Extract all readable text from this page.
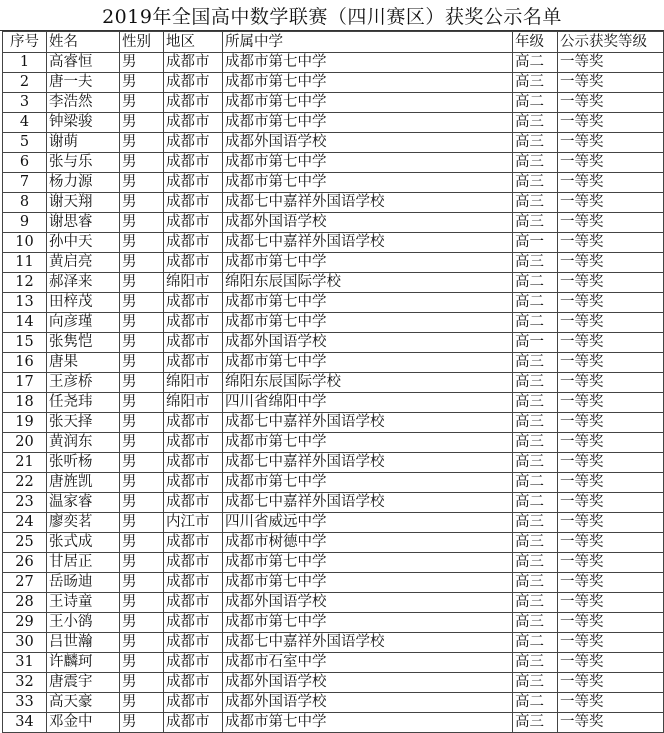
2019年全国高中数学联赛（四川赛区）获奖公示名单
序号	姓名	性别	地区	所属中学	年级	公示获奖等级
1	高睿恒	男	成都市	成都市第七中学	高二	一等奖
2	唐一夫	男	成都市	成都市第七中学	高三	一等奖
3	李浩然	男	成都市	成都市第七中学	高二	一等奖
4	钟梁骏	男	成都市	成都市第七中学	高三	一等奖
5	谢萌	男	成都市	成都外国语学校	高三	一等奖
6	张与乐	男	成都市	成都市第七中学	高三	一等奖
7	杨力源	男	成都市	成都市第七中学	高三	一等奖
8	谢天翔	男	成都市	成都七中嘉祥外国语学校	高三	一等奖
9	谢思睿	男	成都市	成都外国语学校	高三	一等奖
10	孙中天	男	成都市	成都七中嘉祥外国语学校	高一	一等奖
11	黄启亮	男	成都市	成都市第七中学	高三	一等奖
12	郝泽来	男	绵阳市	绵阳东辰国际学校	高二	一等奖
13	田梓茂	男	成都市	成都市第七中学	高二	一等奖
14	向彦瑾	男	成都市	成都市第七中学	高二	一等奖
15	张隽恺	男	成都市	成都外国语学校	高一	一等奖
16	唐果	男	成都市	成都市第七中学	高三	一等奖
17	王彦桥	男	绵阳市	绵阳东辰国际学校	高三	一等奖
18	任尧玮	男	绵阳市	四川省绵阳中学	高三	一等奖
19	张天择	男	成都市	成都七中嘉祥外国语学校	高三	一等奖
20	黄润东	男	成都市	成都市第七中学	高三	一等奖
21	张听杨	男	成都市	成都七中嘉祥外国语学校	高三	一等奖
22	唐旌凯	男	成都市	成都市第七中学	高二	一等奖
23	温家睿	男	成都市	成都七中嘉祥外国语学校	高二	一等奖
24	廖奕茗	男	内江市	四川省威远中学	高三	一等奖
25	张式成	男	成都市	成都市树德中学	高三	一等奖
26	甘居正	男	成都市	成都市第七中学	高三	一等奖
27	岳旸迪	男	成都市	成都市第七中学	高三	一等奖
28	王诗童	男	成都市	成都外国语学校	高三	一等奖
29	王小鹆	男	成都市	成都市第七中学	高三	一等奖
30	吕世瀚	男	成都市	成都七中嘉祥外国语学校	高二	一等奖
31	许麟珂	男	成都市	成都市石室中学	高三	一等奖
32	唐震宇	男	成都市	成都外国语学校	高三	一等奖
33	高天豪	男	成都市	成都外国语学校	高二	一等奖
34	邓金中	男	成都市	成都市第七中学	高三	一等奖
